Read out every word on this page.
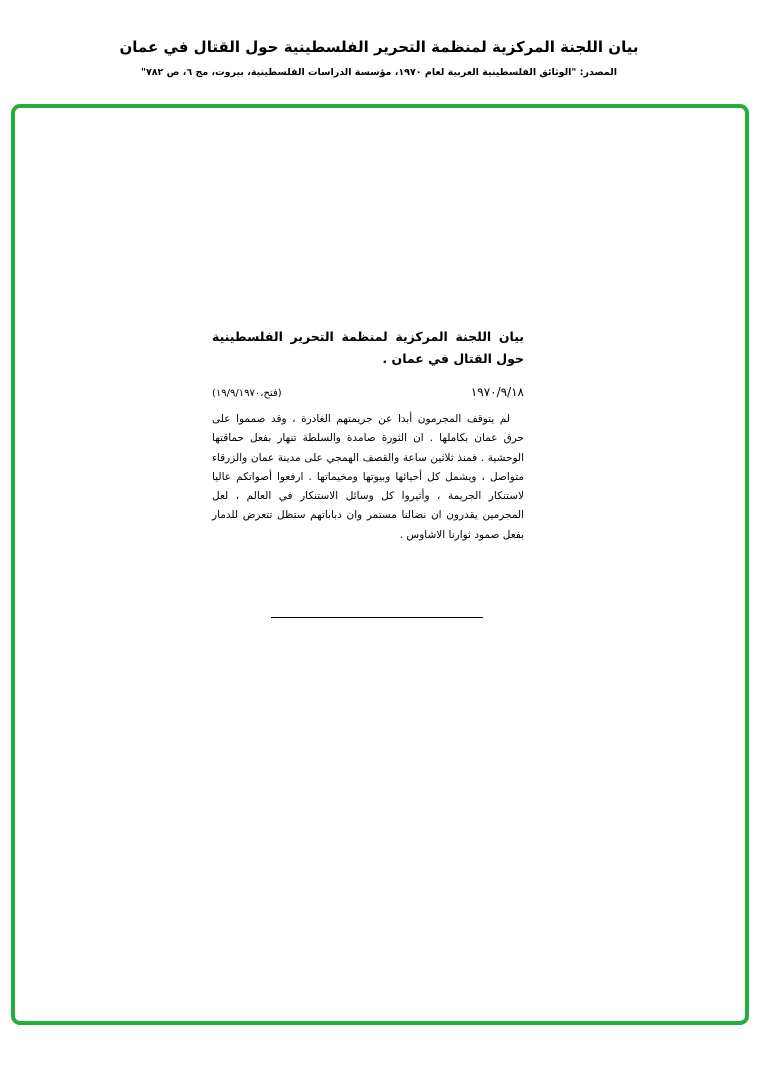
بيان اللجنة المركزية لمنظمة التحرير الفلسطينية حول القتال في عمان
المصدر: "الوثائق الفلسطينية العربية لعام ١٩٧٠، مؤسسة الدراسات الفلسطينية، بيروت، مج ٦، ص ٧٨٢"

بيان اللجنة المركزية لمنظمة التحرير الفلسطينية حول القتال في عمان .

١٩٧٠/٩/١٨
(فتح،١٩/٩/١٩٧٠)

لم يتوقف المجرمون أبدا عن جريمتهم الغادرة ، وقد صمموا على حرق عمان بكاملها . ان الثورة صامدة والسلطة تنهار بفعل حماقتها الوحشية . فمنذ ثلاثين ساعة والقصف الهمجي على مدينة عمان والزرقاء متواصل ، ويشمل كل أحيائها وبيوتها ومخيماتها . ارفعوا أصواتكم عاليا لاستنكار الجريمة ، وأثيروا كل وسائل الاستنكار في العالم ، لعل المجرمين يقدرون ان نضالنا مستمر وان دباباتهم ستظل تتعرض للدمار بفعل صمود ثوارنا الاشاوس .
